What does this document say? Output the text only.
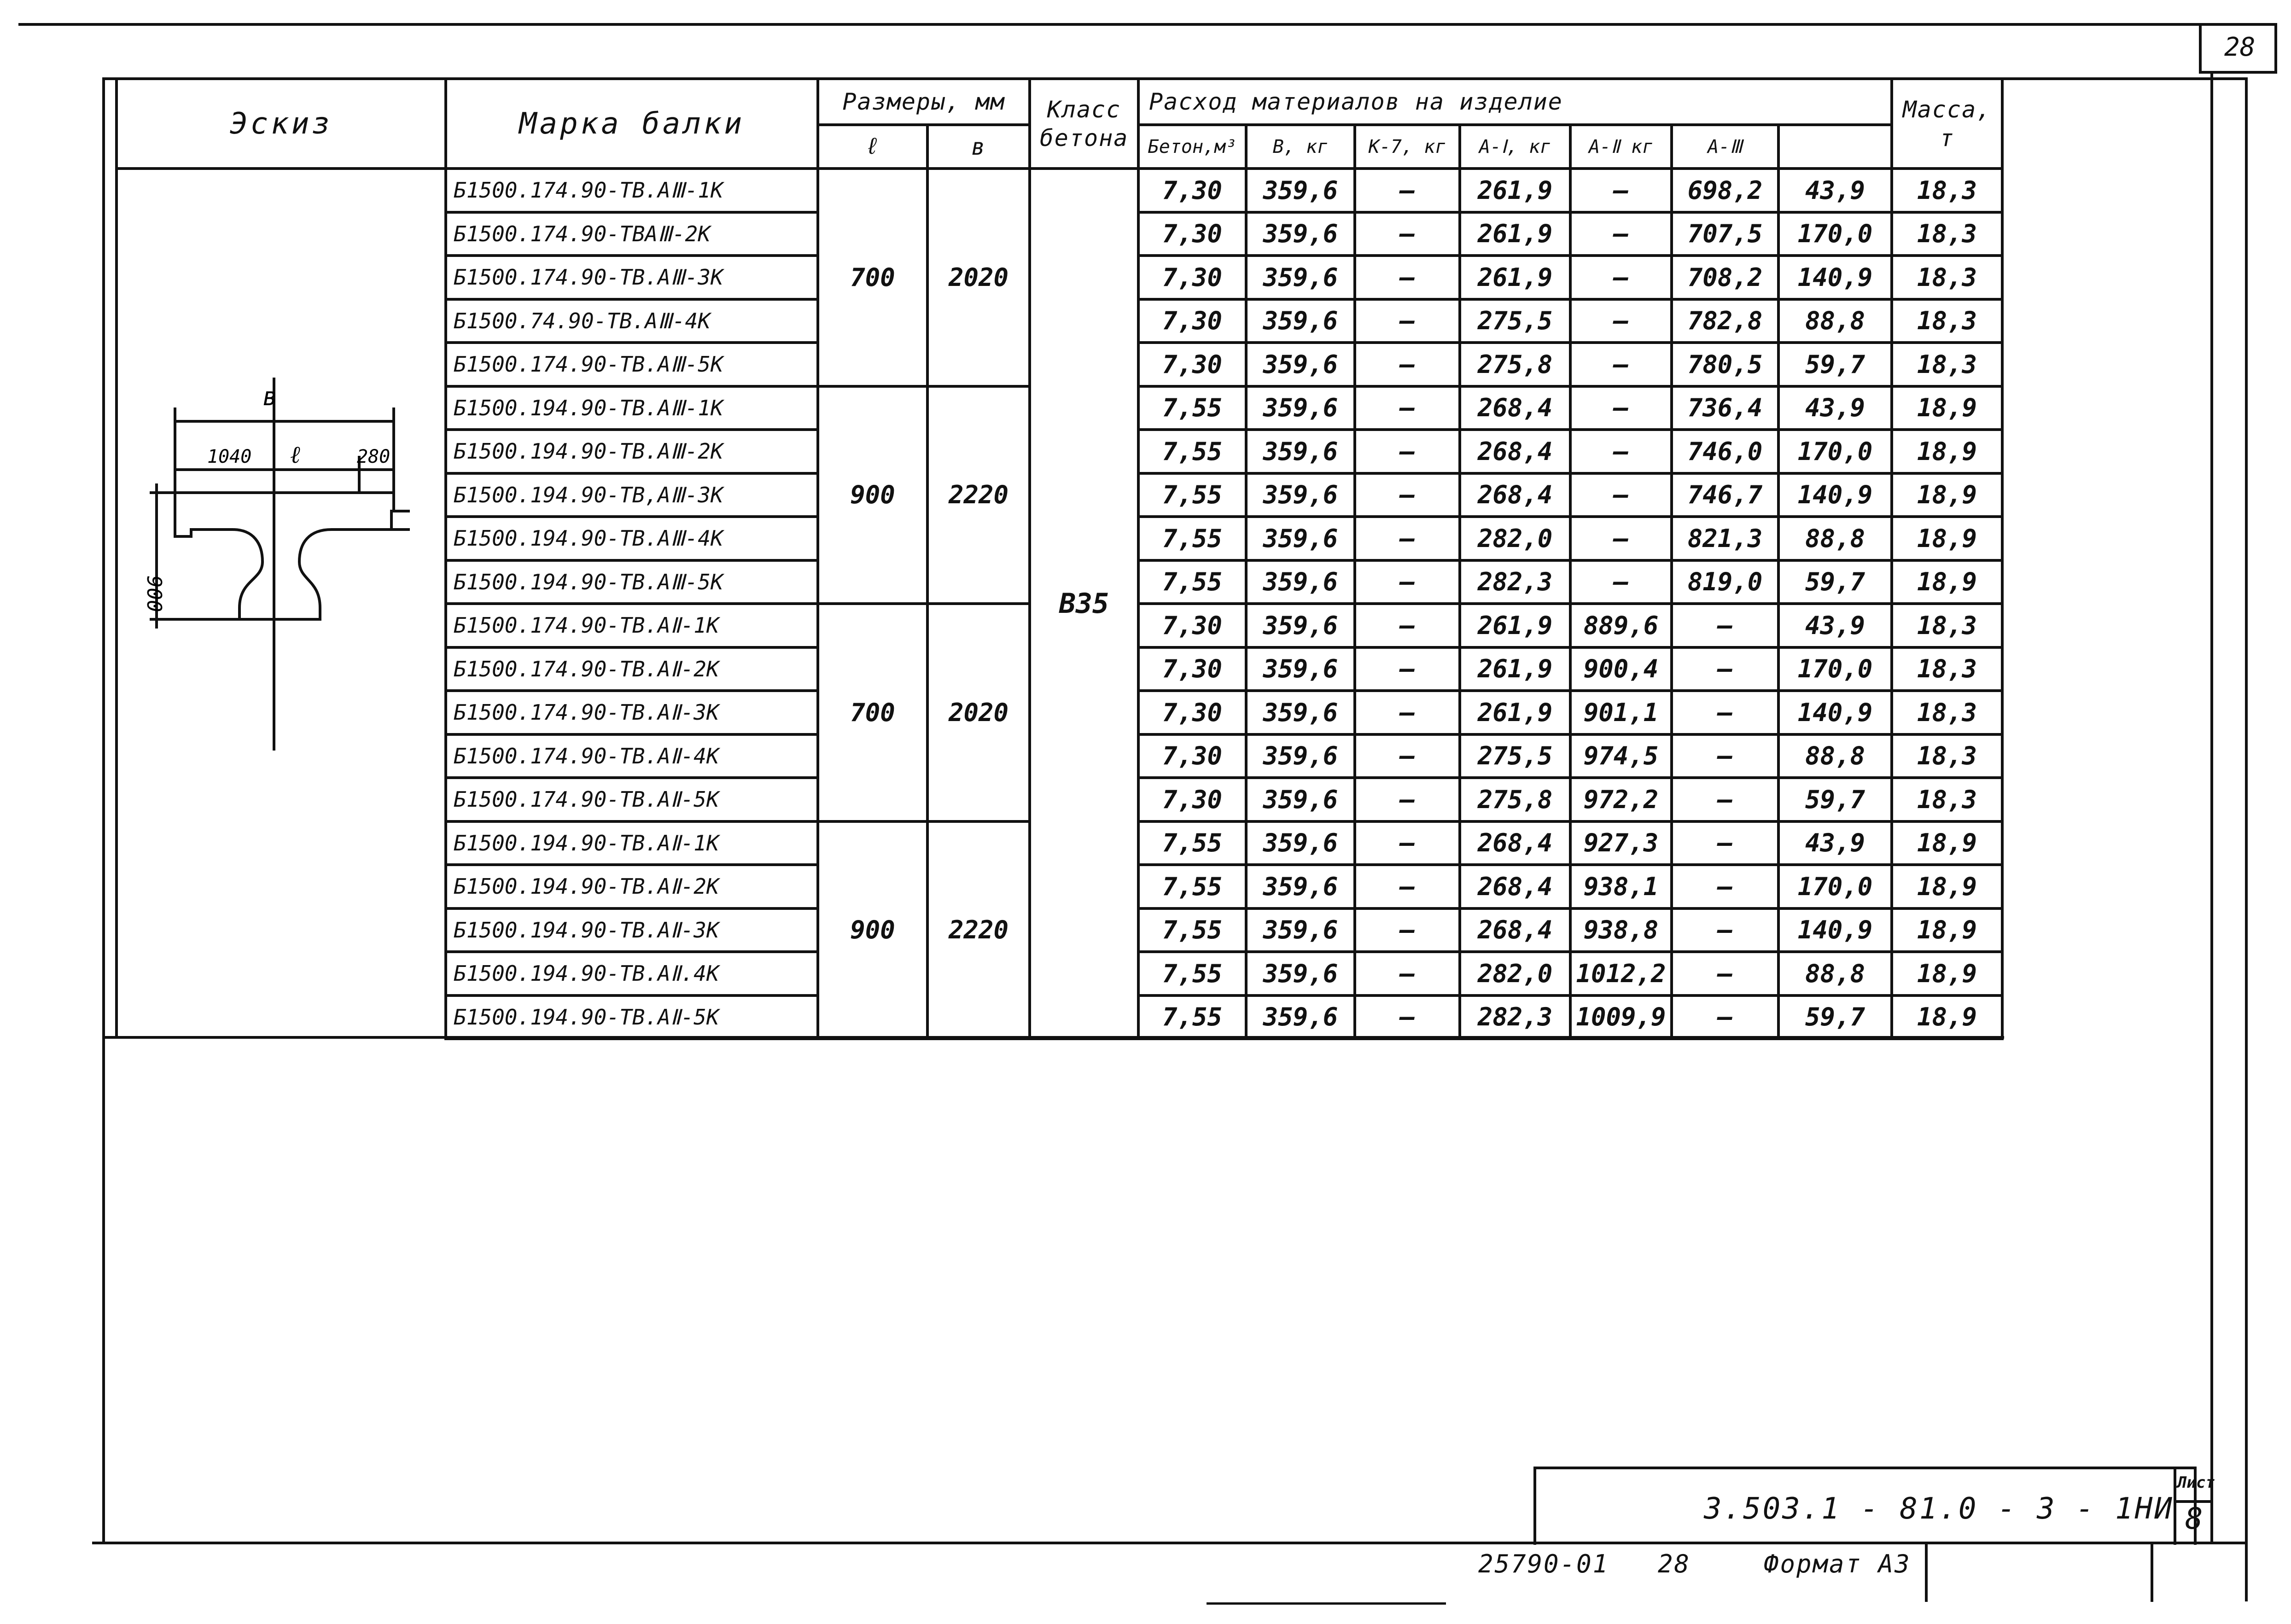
28
Эскиз	Марка балки	Размеры, мм		Класс бетона	Расход материалов на изделие							Масса, т
		ℓ	в		Бетон,м³	В, кг	К-7, кг	А-Ⅰ, кг	А-Ⅱ кг	А-Ⅲ		
	Б1500.174.90-ТВ.АⅢ-1К	700	2020	В35	7,30	359,6	—	261,9	—	698,2	43,9	18,3
	Б1500.174.90-ТВАⅢ-2К				7,30	359,6	—	261,9	—	707,5	170,0	18,3
	Б1500.174.90-ТВ.АⅢ-3К				7,30	359,6	—	261,9	—	708,2	140,9	18,3
	Б1500.74.90-ТВ.АⅢ-4К				7,30	359,6	—	275,5	—	782,8	88,8	18,3
	Б1500.174.90-ТВ.АⅢ-5К				7,30	359,6	—	275,8	—	780,5	59,7	18,3
	Б1500.194.90-ТВ.АⅢ-1К	900	2220		7,55	359,6	—	268,4	—	736,4	43,9	18,9
	Б1500.194.90-ТВ.АⅢ-2К				7,55	359,6	—	268,4	—	746,0	170,0	18,9
	Б1500.194.90-ТВ,АⅢ-3К				7,55	359,6	—	268,4	—	746,7	140,9	18,9
	Б1500.194.90-ТВ.АⅢ-4К				7,55	359,6	—	282,0	—	821,3	88,8	18,9
	Б1500.194.90-ТВ.АⅢ-5К				7,55	359,6	—	282,3	—	819,0	59,7	18,9
	Б1500.174.90-ТВ.АⅡ-1К	700	2020		7,30	359,6	—	261,9	889,6	—	43,9	18,3
	Б1500.174.90-ТВ.АⅡ-2К				7,30	359,6	—	261,9	900,4	—	170,0	18,3
	Б1500.174.90-ТВ.АⅡ-3К				7,30	359,6	—	261,9	901,1	—	140,9	18,3
	Б1500.174.90-ТВ.АⅡ-4К				7,30	359,6	—	275,5	974,5	—	88,8	18,3
	Б1500.174.90-ТВ.АⅡ-5К				7,30	359,6	—	275,8	972,2	—	59,7	18,3
	Б1500.194.90-ТВ.АⅡ-1К	900	2220		7,55	359,6	—	268,4	927,3	—	43,9	18,9
	Б1500.194.90-ТВ.АⅡ-2К				7,55	359,6	—	268,4	938,1	—	170,0	18,9
	Б1500.194.90-ТВ.АⅡ-3К				7,55	359,6	—	268,4	938,8	—	140,9	18,9
	Б1500.194.90-ТВ.АⅡ.4К				7,55	359,6	—	282,0	1012,2	—	88,8	18,9
	Б1500.194.90-ТВ.АⅡ-5К				7,55	359,6	—	282,3	1009,9	—	59,7	18,9
в
1040 ℓ	280
900
3.503.1 - 81.0 - 3 - 1НИ
Лист
8
25790-01 28	Формат А3
